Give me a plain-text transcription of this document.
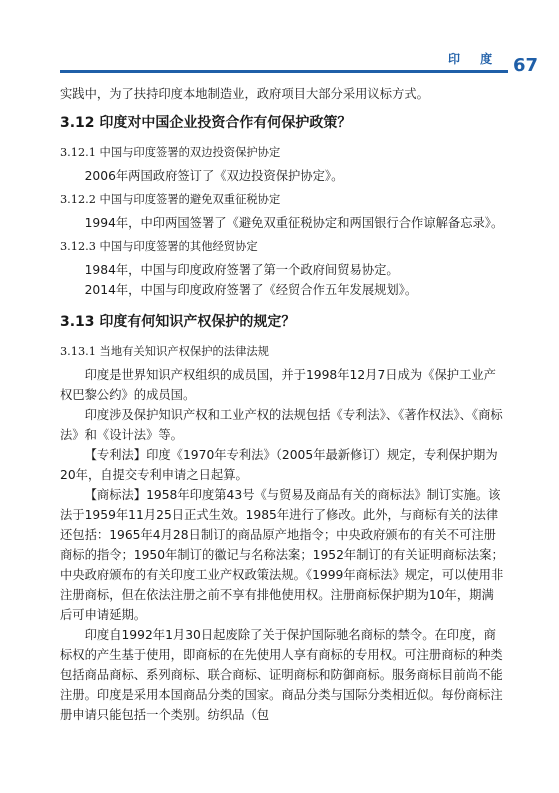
印 度 67

实践中，为了扶持印度本地制造业，政府项目大部分采用议标方式。

3.12 印度对中国企业投资合作有何保护政策？
3.12.1 中国与印度签署的双边投资保护协定

2006年两国政府签订了《双边投资保护协定》。

3.12.2 中国与印度签署的避免双重征税协定

1994年，中印两国签署了《避免双重征税协定和两国银行合作谅解备忘录》。

3.12.3 中国与印度签署的其他经贸协定

1984年，中国与印度政府签署了第一个政府间贸易协定。

2014年，中国与印度政府签署了《经贸合作五年发展规划》。

3.13 印度有何知识产权保护的规定？
3.13.1 当地有关知识产权保护的法律法规

印度是世界知识产权组织的成员国，并于1998年12月7日成为《保护工业产权巴黎公约》的成员国。

印度涉及保护知识产权和工业产权的法规包括《专利法》、《著作权法》、《商标法》和《设计法》等。

【专利法】印度《1970年专利法》（2005年最新修订）规定，专利保护期为20年，自提交专利申请之日起算。

【商标法】1958年印度第43号《与贸易及商品有关的商标法》制订实施。该法于1959年11月25日正式生效。1985年进行了修改。此外，与商标有关的法律还包括：1965年4月28日制订的商品原产地指令；中央政府颁布的有关不可注册商标的指令；1950年制订的徽记与名称法案；1952年制订的有关证明商标法案；中央政府颁布的有关印度工业产权政策法规。《1999年商标法》规定，可以使用非注册商标，但在依法注册之前不享有排他使用权。注册商标保护期为10年，期满后可申请延期。

印度自1992年1月30日起废除了关于保护国际驰名商标的禁令。在印度，商标权的产生基于使用，即商标的在先使用人享有商标的专用权。可注册商标的种类包括商品商标、系列商标、联合商标、证明商标和防御商标。服务商标目前尚不能注册。印度是采用本国商品分类的国家。商品分类与国际分类相近似。每份商标注册申请只能包括一个类别。纺织品（包
